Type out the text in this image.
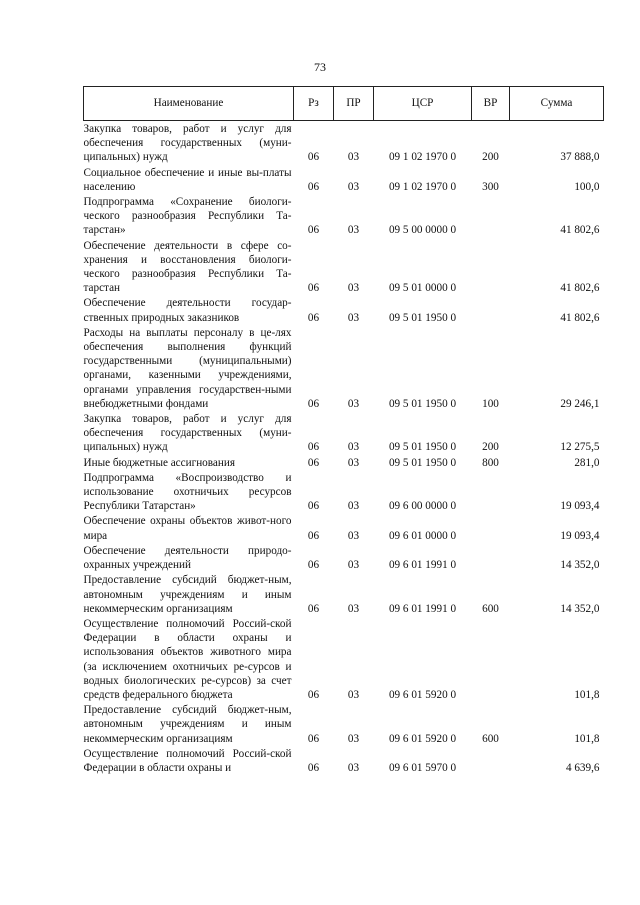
73
Наименование	Рз	ПР	ЦСР	ВР	Сумма
Закупка товаров, работ и услуг для обеспечения государственных (муни-ципальных) нужд	06	03	09 1 02 1970 0	200	37 888,0
Социальное обеспечение и иные вы-платы населению	06	03	09 1 02 1970 0	300	100,0
Подпрограмма «Сохранение биологи-ческого разнообразия Республики Та-тарстан»	06	03	09 5 00 0000 0		41 802,6
Обеспечение деятельности в сфере со-хранения и восстановления биологи-ческого разнообразия Республики Та-тарстан	06	03	09 5 01 0000 0		41 802,6
Обеспечение деятельности государ-ственных природных заказников	06	03	09 5 01 1950 0		41 802,6
Расходы на выплаты персоналу в це-лях обеспечения выполнения функций государственными (муниципальными) органами, казенными учреждениями, органами управления государствен-ными внебюджетными фондами	06	03	09 5 01 1950 0	100	29 246,1
Закупка товаров, работ и услуг для обеспечения государственных (муни-ципальных) нужд	06	03	09 5 01 1950 0	200	12 275,5
Иные бюджетные ассигнования	06	03	09 5 01 1950 0	800	281,0
Подпрограмма «Воспроизводство и использование охотничьих ресурсов Республики Татарстан»	06	03	09 6 00 0000 0		19 093,4
Обеспечение охраны объектов живот-ного мира	06	03	09 6 01 0000 0		19 093,4
Обеспечение деятельности природо-охранных учреждений	06	03	09 6 01 1991 0		14 352,0
Предоставление субсидий бюджет-ным, автономным учреждениям и иным некоммерческим организациям	06	03	09 6 01 1991 0	600	14 352,0
Осуществление полномочий Россий-ской Федерации в области охраны и использования объектов животного мира (за исключением охотничьих ре-сурсов и водных биологических ре-сурсов) за счет средств федерального бюджета	06	03	09 6 01 5920 0		101,8
Предоставление субсидий бюджет-ным, автономным учреждениям и иным некоммерческим организациям	06	03	09 6 01 5920 0	600	101,8
Осуществление полномочий Россий-ской Федерации в области охраны и	06	03	09 6 01 5970 0		4 639,6
